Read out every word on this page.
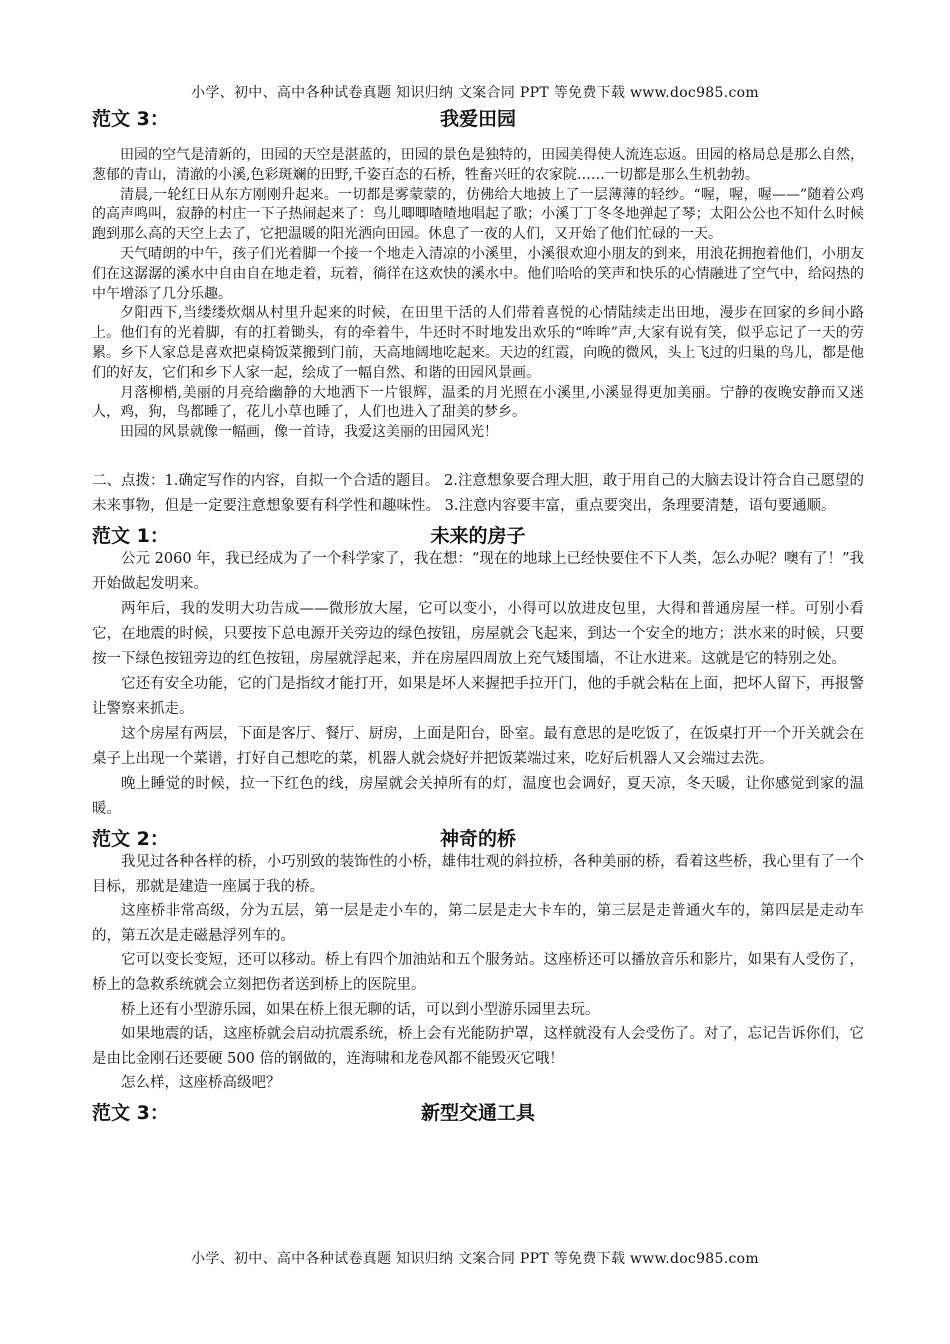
小学、初中、高中各种试卷真题 知识归纳 文案合同 PPT 等免费下载 www.doc985.com
范文 3：	我爱田园

田园的空气是清新的，田园的天空是湛蓝的，田园的景色是独特的，田园美得使人流连忘返。田园的格局总是那么自然，葱郁的青山，清澈的小溪,色彩斑斓的田野,千姿百态的石桥，牲畜兴旺的农家院……一切都是那么生机勃勃。

清晨,一轮红日从东方刚刚升起来。一切都是雾蒙蒙的，仿佛给大地披上了一层薄薄的轻纱。“喔，喔，喔——”随着公鸡的高声鸣叫，寂静的村庄一下子热闹起来了：鸟儿唧唧喳喳地唱起了歌；小溪丁丁冬冬地弹起了琴；太阳公公也不知什么时候跑到那么高的天空上去了，它把温暖的阳光洒向田园。休息了一夜的人们，又开始了他们忙碌的一天。

天气晴朗的中午，孩子们光着脚一个接一个地走入清凉的小溪里，小溪很欢迎小朋友的到来，用浪花拥抱着他们，小朋友们在这潺潺的溪水中自由自在地走着，玩着，徜徉在这欢快的溪水中。他们哈哈的笑声和快乐的心情融进了空气中，给闷热的中午增添了几分乐趣。

夕阳西下,当缕缕炊烟从村里升起来的时候，在田里干活的人们带着喜悦的心情陆续走出田地，漫步在回家的乡间小路上。他们有的光着脚，有的扛着锄头，有的牵着牛，牛还时不时地发出欢乐的“哞哞”声,大家有说有笑，似乎忘记了一天的劳累。乡下人家总是喜欢把桌椅饭菜搬到门前，天高地阔地吃起来。天边的红霞，向晚的微风，头上飞过的归巢的鸟儿，都是他们的好友，它们和乡下人家一起，绘成了一幅自然、和谐的田园风景画。

月落柳梢,美丽的月亮给幽静的大地洒下一片银辉，温柔的月光照在小溪里,小溪显得更加美丽。宁静的夜晚安静而又迷人，鸡，狗，鸟都睡了，花儿小草也睡了，人们也进入了甜美的梦乡。

田园的风景就像一幅画，像一首诗，我爱这美丽的田园风光！

二、点拨：1.确定写作的内容，自拟一个合适的题目。 2.注意想象要合理大胆，敢于用自己的大脑去设计符合自己愿望的未来事物，但是一定要注意想象要有科学性和趣味性。 3.注意内容要丰富，重点要突出，条理要清楚，语句要通顺。

范文 1：	未来的房子

公元 2060 年，我已经成为了一个科学家了，我在想：“现在的地球上已经快要住不下人类，怎么办呢？噢有了！”我开始做起发明来。

两年后，我的发明大功告成——微形放大屋，它可以变小，小得可以放进皮包里，大得和普通房屋一样。可别小看它，在地震的时候，只要按下总电源开关旁边的绿色按钮，房屋就会飞起来，到达一个安全的地方；洪水来的时候，只要按一下绿色按钮旁边的红色按钮，房屋就浮起来，并在房屋四周放上充气矮围墙，不让水进来。这就是它的特别之处。

它还有安全功能，它的门是指纹才能打开，如果是坏人来握把手拉开门，他的手就会粘在上面，把坏人留下，再报警让警察来抓走。

这个房屋有两层，下面是客厅、餐厅、厨房，上面是阳台，卧室。最有意思的是吃饭了，在饭桌打开一个开关就会在桌子上出现一个菜谱，打好自己想吃的菜，机器人就会烧好并把饭菜端过来，吃好后机器人又会端过去洗。

晚上睡觉的时候，拉一下红色的线，房屋就会关掉所有的灯，温度也会调好，夏天凉，冬天暖，让你感觉到家的温暖。

范文 2：	神奇的桥

我见过各种各样的桥，小巧别致的装饰性的小桥，雄伟壮观的斜拉桥，各种美丽的桥，看着这些桥，我心里有了一个目标，那就是建造一座属于我的桥。

这座桥非常高级，分为五层，第一层是走小车的，第二层是走大卡车的，第三层是走普通火车的，第四层是走动车的，第五次是走磁悬浮列车的。

它可以变长变短，还可以移动。桥上有四个加油站和五个服务站。这座桥还可以播放音乐和影片，如果有人受伤了，桥上的急救系统就会立刻把伤者送到桥上的医院里。

桥上还有小型游乐园，如果在桥上很无聊的话，可以到小型游乐园里去玩。

如果地震的话，这座桥就会启动抗震系统，桥上会有光能防护罩，这样就没有人会受伤了。对了，忘记告诉你们，它是由比金刚石还要硬 500 倍的钢做的，连海啸和龙卷风都不能毁灭它哦！

怎么样，这座桥高级吧？

范文 3：	新型交通工具
小学、初中、高中各种试卷真题 知识归纳 文案合同 PPT 等免费下载 www.doc985.com
